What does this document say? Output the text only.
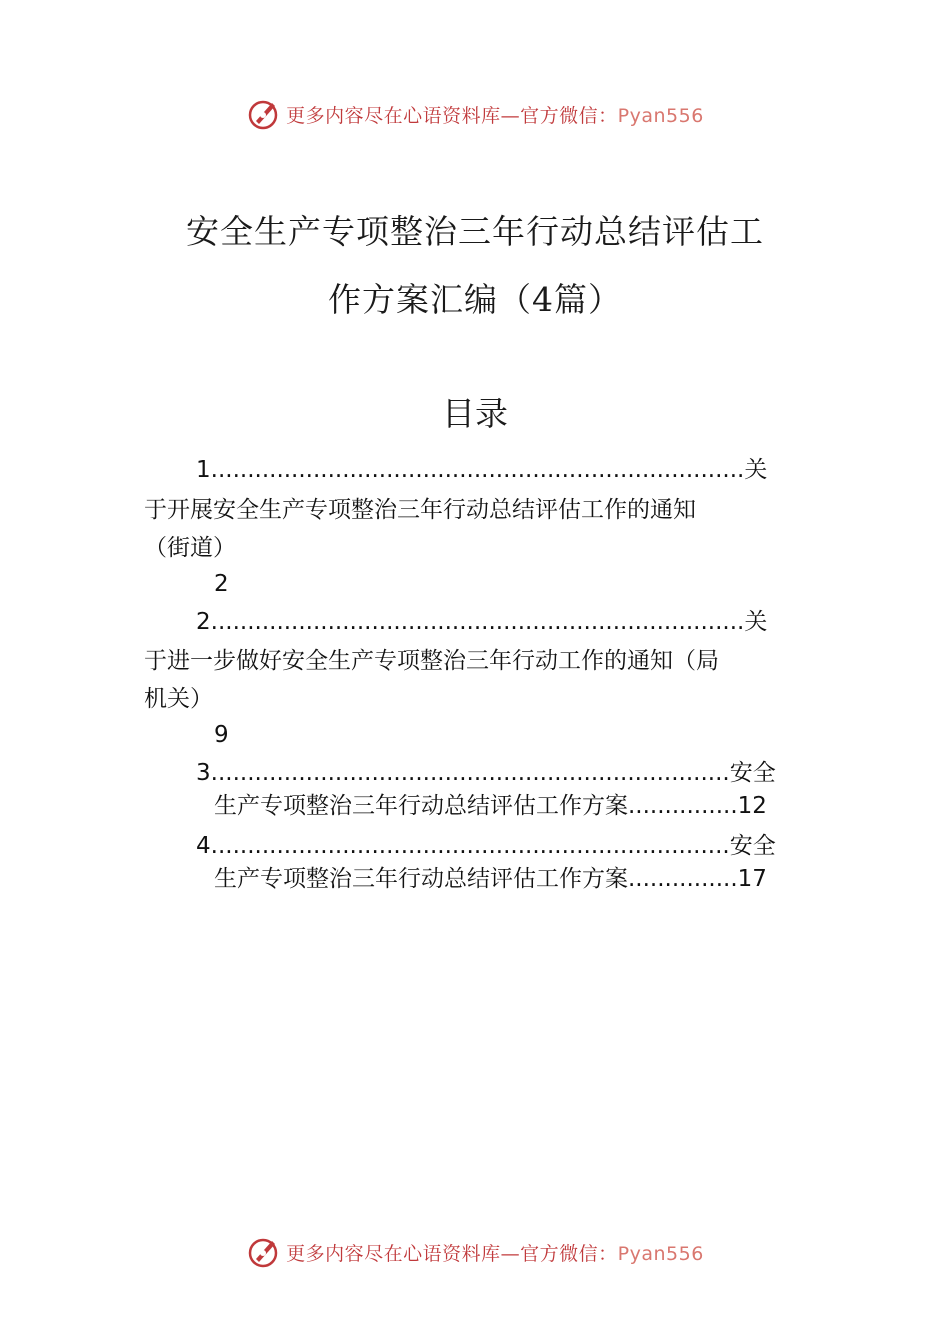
更多内容尽在心语资料库—官方微信：Pyan556
安全生产专项整治三年行动总结评估工
作方案汇编（4篇）
目录
1.........................................................................关
于开展安全生产专项整治三年行动总结评估工作的通知
（街道）
2
2.........................................................................关
于进一步做好安全生产专项整治三年行动工作的通知（局
机关）
9
3.......................................................................安全
生产专项整治三年行动总结评估工作方案...............12
4.......................................................................安全
生产专项整治三年行动总结评估工作方案...............17
更多内容尽在心语资料库—官方微信：Pyan556
